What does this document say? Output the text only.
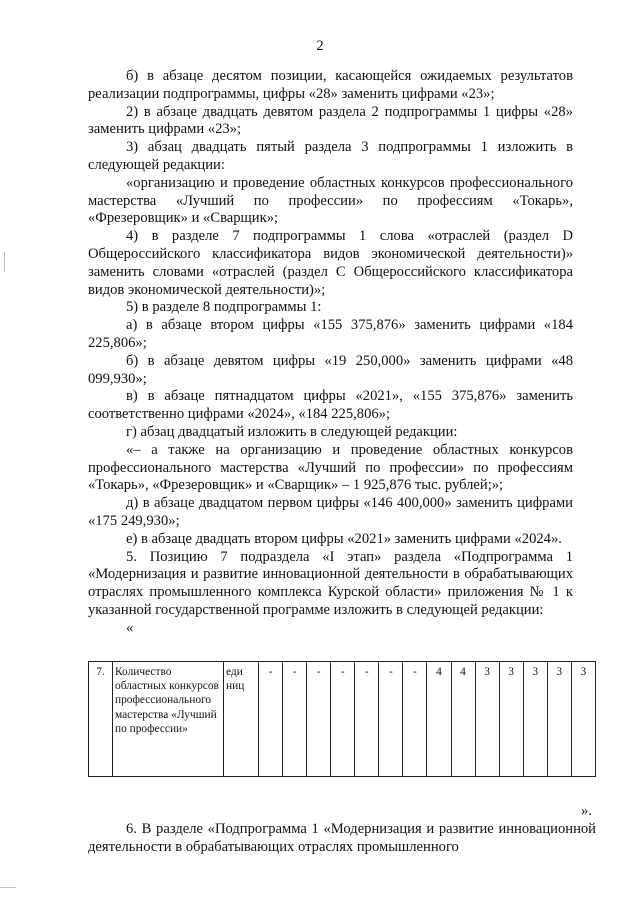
2

б) в абзаце десятом позиции, касающейся ожидаемых результатов реализации подпрограммы, цифры «28» заменить цифрами «23»;

2) в абзаце двадцать девятом раздела 2 подпрограммы 1 цифры «28» заменить цифрами «23»;

3) абзац двадцать пятый раздела 3 подпрограммы 1 изложить в следующей редакции:

«организацию и проведение областных конкурсов профессионального мастерства «Лучший по профессии» по профессиям «Токарь», «Фрезеровщик» и «Сварщик»;

4) в разделе 7 подпрограммы 1 слова «отраслей (раздел D Общероссийского классификатора видов экономической деятельности)» заменить словами «отраслей (раздел С Общероссийского классификатора видов экономической деятельности)»;

5) в разделе 8 подпрограммы 1:

а) в абзаце втором цифры «155 375,876» заменить цифрами «184 225,806»;

б) в абзаце девятом цифры «19 250,000» заменить цифрами «48 099,930»;

в) в абзаце пятнадцатом цифры «2021», «155 375,876» заменить соответственно цифрами «2024», «184 225,806»;

г) абзац двадцатый изложить в следующей редакции:

«– а также на организацию и проведение областных конкурсов профессионального мастерства «Лучший по профессии» по профессиям «Токарь», «Фрезеровщик» и «Сварщик» – 1 925,876 тыс. рублей;»;

д) в абзаце двадцатом первом цифры «146 400,000» заменить цифрами «175 249,930»;

е) в абзаце двадцать втором цифры «2021» заменить цифрами «2024».

5. Позицию 7 подраздела «I этап» раздела «Подпрограмма 1 «Модернизация и развитие инновационной деятельности в обрабатывающих отраслях промышленного комплекса Курской области» приложения № 1 к указанной государственной программе изложить в следующей редакции:

«

7.	Количество областных конкурсов профессионального мастерства «Лучший по профессии»	еди ниц	-	-	-	-	-	-	-	4	4	3	3	3	3	3
».

6. В разделе «Подпрограмма 1 «Модернизация и развитие инновационной деятельности в обрабатывающих отраслях промышленного
